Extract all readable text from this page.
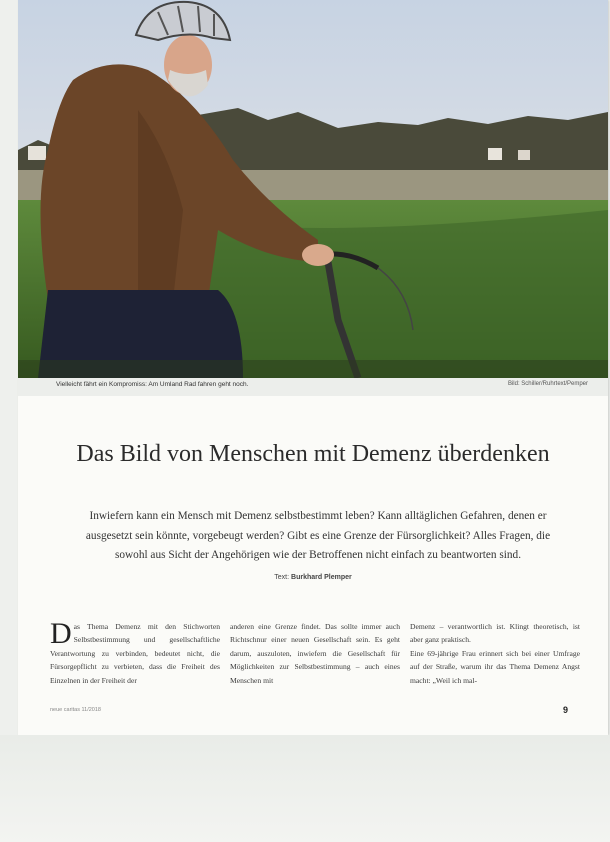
Vielleicht fährt ein Kompromiss: Am Umland Rad fahren geht noch.	Bild: Schiller/Ruhrtext/Pemper
Das Bild von Menschen mit Demenz überdenken

Inwiefern kann ein Mensch mit Demenz selbstbestimmt leben? Kann alltäglichen Gefahren, denen er ausgesetzt sein könnte, vorgebeugt werden? Gibt es eine Grenze der Fürsorglichkeit? Alles Fragen, die sowohl aus Sicht der Angehörigen wie der Betroffenen nicht einfach zu beantworten sind.

Text: Burkhard Plemper
Das Thema Demenz mit den Stichworten Selbstbestimmung und gesellschaftliche Verantwortung zu verbinden, bedeutet nicht, die Fürsorgepflicht zu verbieten, dass die Freiheit des Einzelnen in der Freiheit der
anderen eine Grenze findet. Das sollte immer auch Richtschnur einer neuen Gesellschaft sein. Es geht darum, auszuloten, inwiefern die Gesellschaft für Möglichkeiten zur Selbstbestimmung – auch eines Menschen mit
Demenz – verantwortlich ist. Klingt theoretisch, ist aber ganz praktisch.
Eine 69-jährige Frau erinnert sich bei einer Umfrage auf der Straße, warum ihr das Thema Demenz Angst macht: „Weil ich mal-
neue caritas 11/2018	9
